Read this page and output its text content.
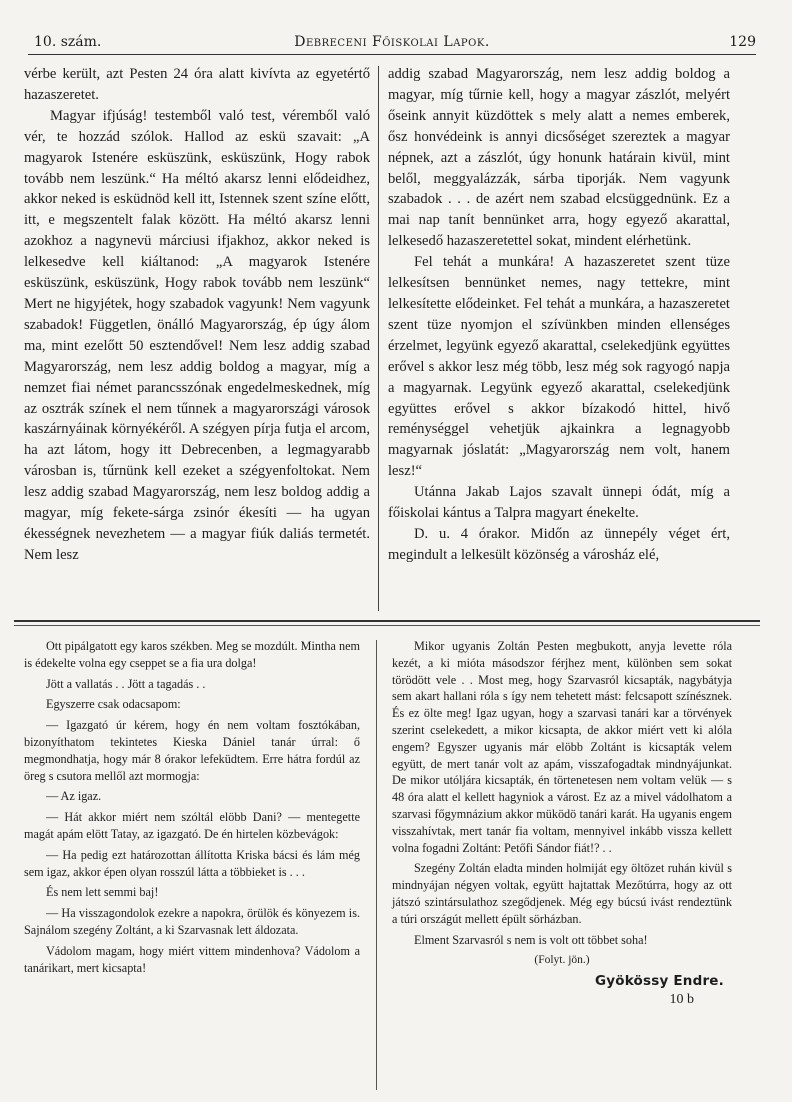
10. szám.	Debreceni Főiskolai Lapok.	129

vérbe került, azt Pesten 24 óra alatt kivívta az egyetértő hazaszeretet.

Magyar ifjúság! testemből való test, véremből való vér, te hozzád szólok. Hallod az eskü szavait: „A magyarok Istenére esküszünk, esküszünk, Hogy rabok tovább nem leszünk.“ Ha méltó akarsz lenni elődeidhez, akkor neked is esküdnöd kell itt, Istennek szent színe előtt, itt, e megszentelt falak között. Ha méltó akarsz lenni azokhoz a nagynevü márciusi ifjakhoz, akkor neked is lelkesedve kell kiáltanod: „A magyarok Istenére esküszünk, esküszünk, Hogy rabok tovább nem leszünk“ Mert ne higyjétek, hogy szabadok vagyunk! Nem vagyunk szabadok! Független, önálló Magyarország, ép úgy álom ma, mint ezelőtt 50 esztendővel! Nem lesz addig szabad Magyarország, nem lesz addig boldog a magyar, míg a nemzet fiai német parancsszónak engedelmeskednek, míg az osztrák színek el nem tűnnek a magyarországi városok kaszárnyáinak környékéről. A szégyen pírja futja el arcom, ha azt látom, hogy itt Debrecenben, a legmagyarabb városban is, tűrnünk kell ezeket a szégyenfoltokat. Nem lesz addig szabad Magyarország, nem lesz boldog addig a magyar, míg fekete-sárga zsinór ékesíti — ha ugyan ékességnek nevezhetem — a magyar fiúk daliás termetét. Nem lesz

addig szabad Magyarország, nem lesz addig boldog a magyar, míg tűrnie kell, hogy a magyar zászlót, melyért őseink annyit küzdöttek s mely alatt a nemes emberek, ősz honvédeink is annyi dicsőséget szereztek a magyar népnek, azt a zászlót, úgy honunk határain kivül, mint belől, meggyalázzák, sárba tiporják. Nem vagyunk szabadok . . . de azért nem szabad elcsüggednünk. Ez a mai nap tanít bennünket arra, hogy egyező akarattal, lelkesedő hazaszeretettel sokat, mindent elérhetünk.

Fel tehát a munkára! A hazaszeretet szent tüze lelkesítsen bennünket nemes, nagy tettekre, mint lelkesítette elődeinket. Fel tehát a munkára, a hazaszeretet szent tüze nyomjon el szívünkben minden ellenséges érzelmet, legyünk egyező akarattal, cselekedjünk együttes erővel s akkor lesz még több, lesz még sok ragyogó napja a magyarnak. Legyünk egyező akarattal, cselekedjünk együttes erővel s akkor bízakodó hittel, hivő reménységgel vehetjük ajkainkra a legnagyobb magyarnak jóslatát: „Magyarország nem volt, hanem lesz!“

Utánna Jakab Lajos szavalt ünnepi ódát, míg a főiskolai kántus a Talpra magyart énekelte.

D. u. 4 órakor. Midőn az ünnepély véget ért, megindult a lelkesült közönség a városház elé,

Ott pipálgatott egy karos székben. Meg se mozdúlt. Mintha nem is édekelte volna egy cseppet se a fia ura dolga!

Jött a vallatás . . Jött a tagadás . .

Egyszerre csak odacsapom:

— Igazgató úr kérem, hogy én nem voltam fosztókában, bizonyíthatom tekintetes Kieska Dániel tanár úrral: ő megmondhatja, hogy már 8 órakor lefeküdtem. Erre hátra fordúl az öreg s csutora mellől azt mormogja:

— Az igaz.

— Hát akkor miért nem szóltál elöbb Dani? — mentegette magát apám elött Tatay, az igazgató. De én hirtelen közbevágok:

— Ha pedig ezt határozottan állította Kriska bácsi és lám még sem igaz, akkor épen olyan rosszúl látta a többieket is . . .

És nem lett semmi baj!

— Ha visszagondolok ezekre a napokra, örülök és könyezem is. Sajnálom szegény Zoltánt, a ki Szarvasnak lett áldozata.

Vádolom magam, hogy miért vittem mindenhova? Vádolom a tanárikart, mert kicsapta!

Mikor ugyanis Zoltán Pesten megbukott, anyja levette róla kezét, a ki mióta másodszor férjhez ment, különben sem sokat törödött vele . . Most meg, hogy Szarvasról kicsapták, nagybátyja sem akart hallani róla s így nem tehetett mást: felcsapott színésznek. És ez ölte meg! Igaz ugyan, hogy a szarvasi tanári kar a törvények szerint cselekedett, a mikor kicsapta, de akkor miért vett ki alóla engem? Egyszer ugyanis már elöbb Zoltánt is kicsapták velem együtt, de mert tanár volt az apám, visszafogadtak mindnyájunkat. De mikor utóljára kicsapták, én törtenetesen nem voltam velük — s 48 óra alatt el kellett hagyniok a várost. Ez az a mivel vádolhatom a szarvasi főgymnázium akkor müködö tanári karát. Ha ugyanis engem visszahívtak, mert tanár fia voltam, mennyivel inkább vissza kellett volna fogadni Zoltánt: Petőfi Sándor fiát!? . .

Szegény Zoltán eladta minden holmiját egy öltözet ruhán kivül s mindnyájan négyen voltak, együtt hajtattak Mezőtúrra, hogy az ott játszó szintársulathoz szegődjenek. Még egy búcsú ivást rendeztünk a túri országút mellett épült sörházban.

Elment Szarvasról s nem is volt ott többet soha!

(Folyt. jön.)
Gyökössy Endre.
10 b
